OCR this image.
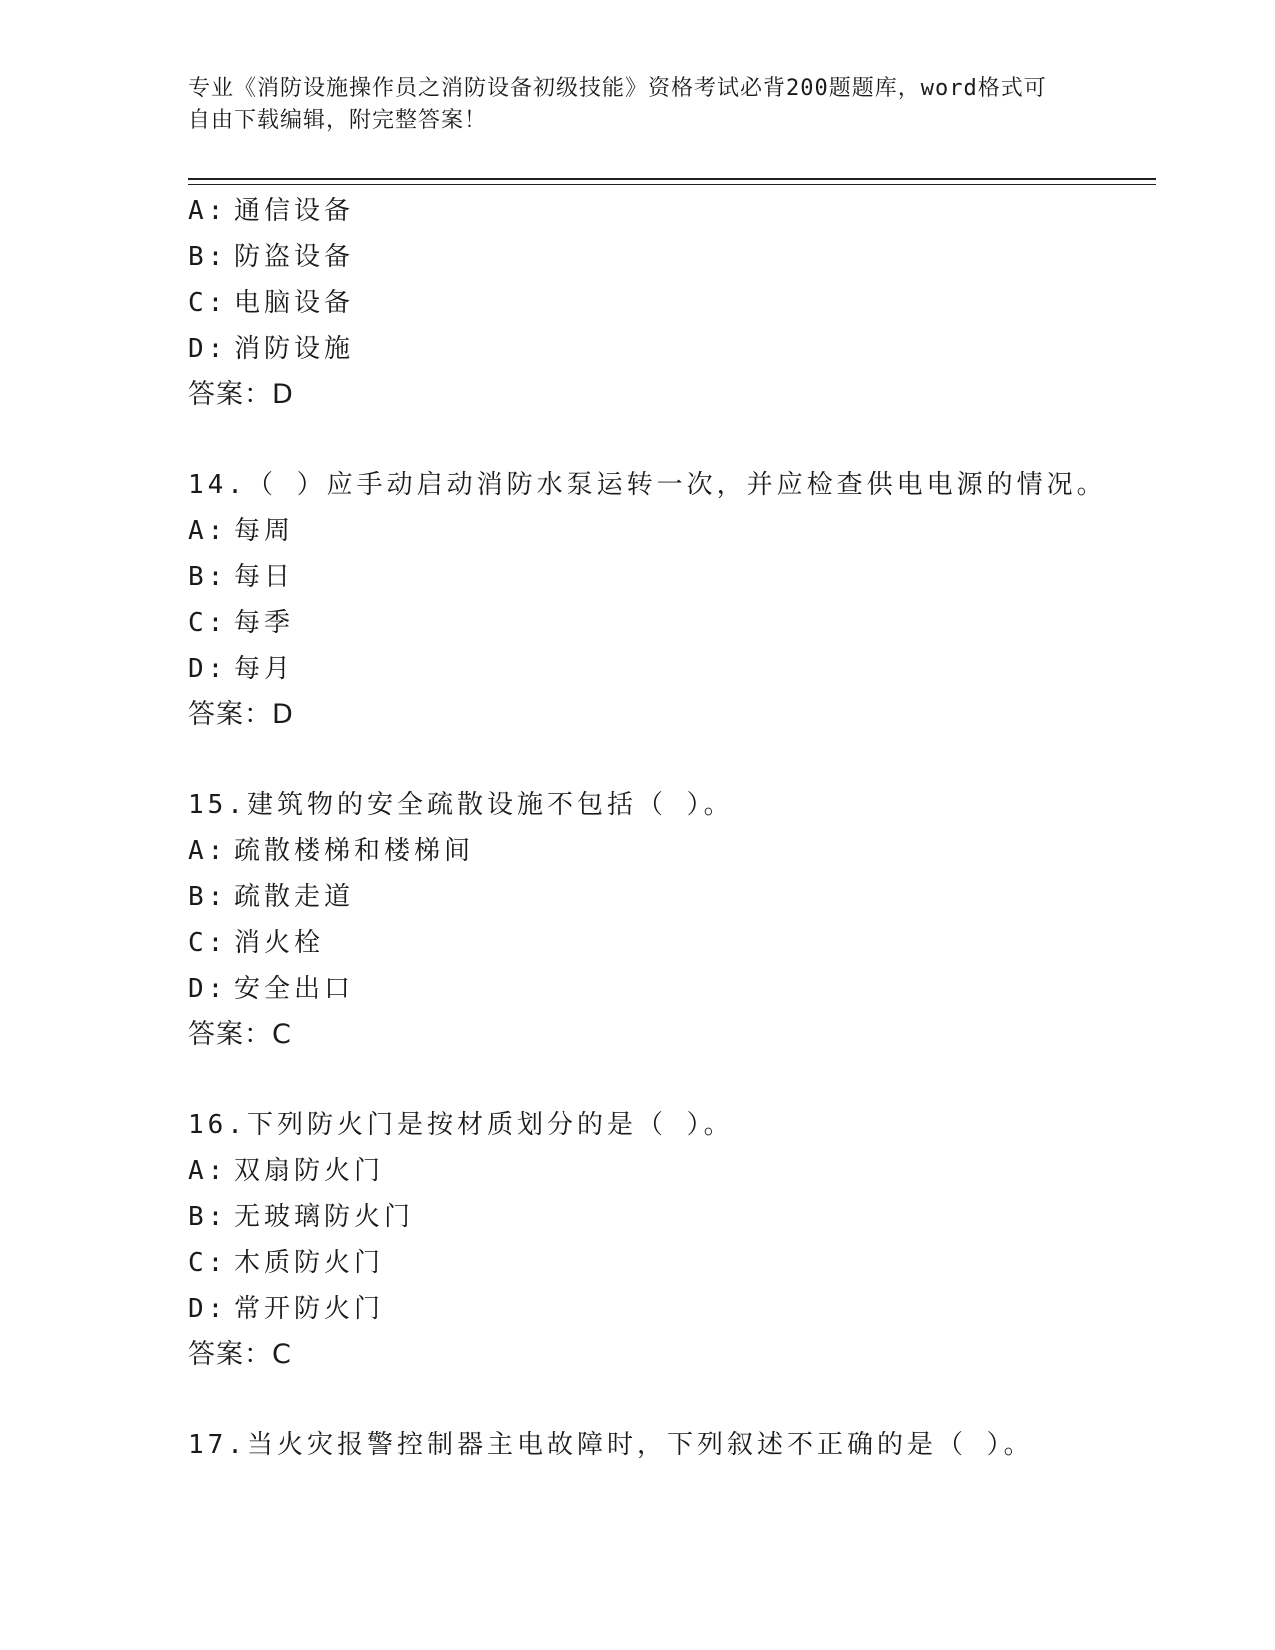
专业《消防设施操作员之消防设备初级技能》资格考试必背200题题库，word格式可自由下载编辑，附完整答案！
A: 通信设备
B: 防盗设备
C: 电脑设备
D: 消防设施
答案：D
14.（ ）应手动启动消防水泵运转一次，并应检查供电电源的情况。
A: 每周
B: 每日
C: 每季
D: 每月
答案：D
15.建筑物的安全疏散设施不包括（ ）。
A: 疏散楼梯和楼梯间
B: 疏散走道
C: 消火栓
D: 安全出口
答案：C
16.下列防火门是按材质划分的是（ ）。
A: 双扇防火门
B: 无玻璃防火门
C: 木质防火门
D: 常开防火门
答案：C
17.当火灾报警控制器主电故障时，下列叙述不正确的是（ ）。
